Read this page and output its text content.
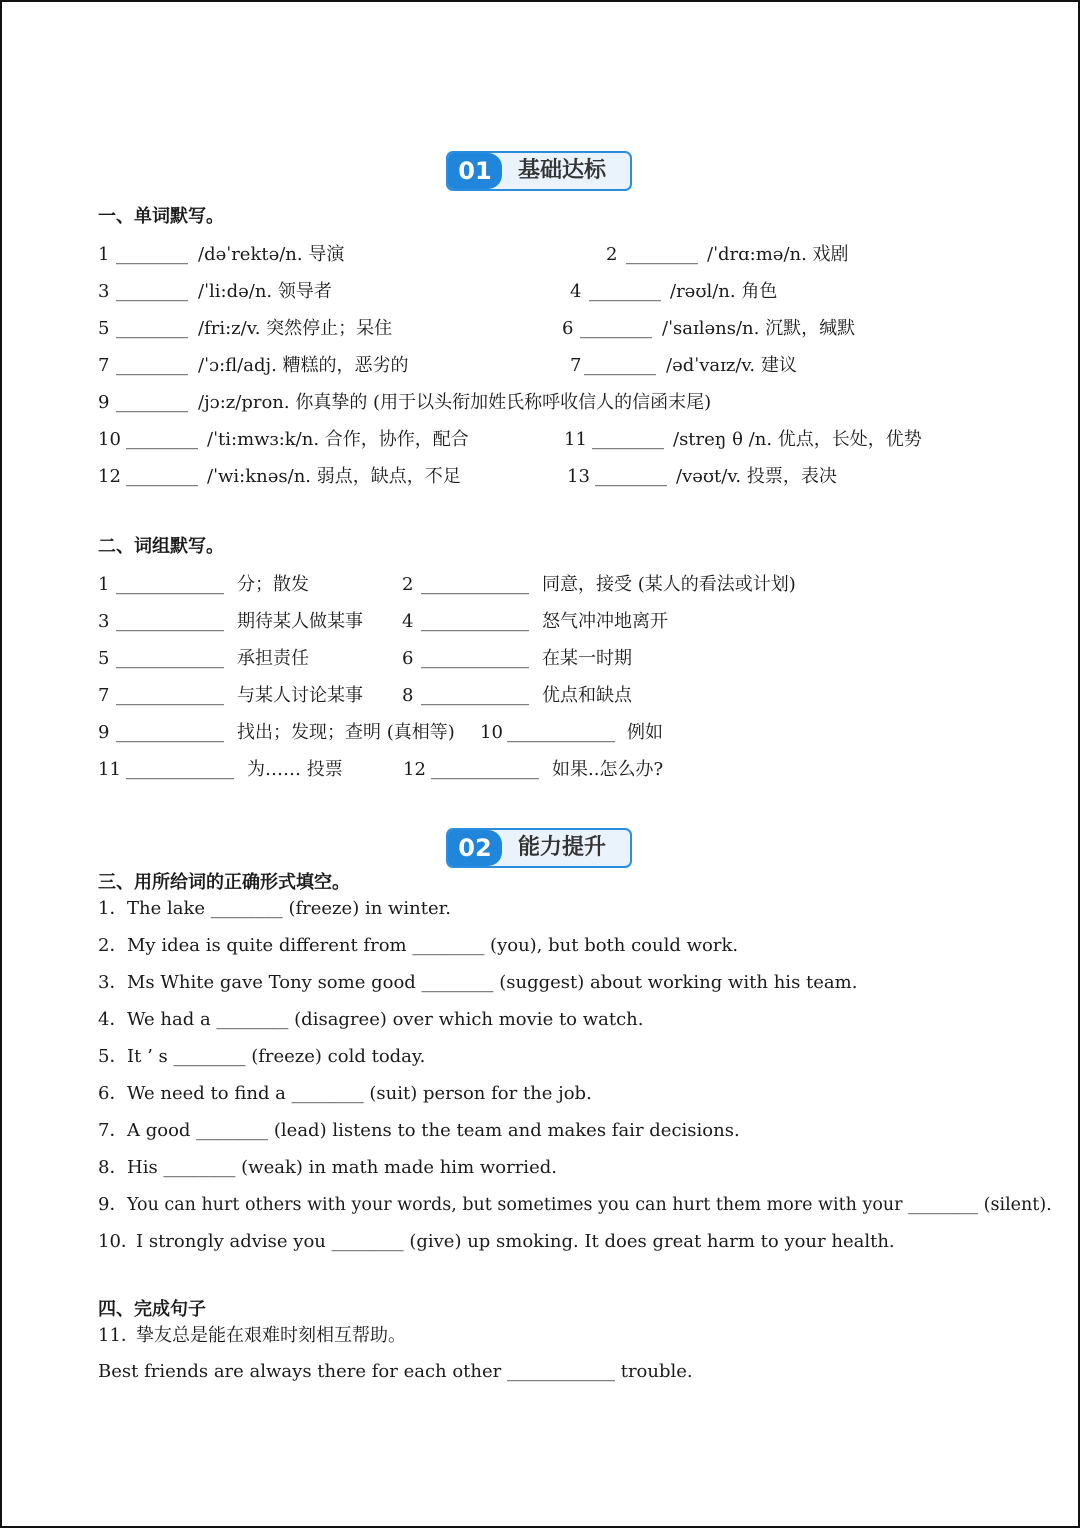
01	基础达标
一、单词默写。
1 ________ /dəˈrektə/n. 导演	2 ________ /ˈdrɑ:mə/n. 戏剧
3 ________ /ˈli:də/n. 领导者	4 ________ /rəʊl/n. 角色
5 ________ /fri:z/v. 突然停止；呆住	6 ________ /ˈsaɪləns/n. 沉默，缄默
7 ________ /ˈɔ:fl/adj. 糟糕的，恶劣的	7 ________ /ədˈvaɪz/v. 建议
9 ________ /jɔ:z/pron. 你真挚的 (用于以头衔加姓氏称呼收信人的信函末尾)
10 ________ /ˈti:mwɜ:k/n. 合作，协作，配合	11 ________ /streŋ θ /n. 优点，长处，优势
12 ________ /ˈwi:knəs/n. 弱点，缺点，不足	13 ________ /vəʊt/v. 投票，表决
二、词组默写。
1 ____________ 分；散发	2 ____________ 同意，接受 (某人的看法或计划)
3 ____________ 期待某人做某事 4 ____________ 怒气冲冲地离开
5 ____________ 承担责任	6 ____________ 在某一时期
7 ____________ 与某人讨论某事 8 ____________ 优点和缺点
9 ____________ 找出；发现；查明 (真相等) 10 ____________ 例如
11 ____________ 为…… 投票	12 ____________ 如果..怎么办?
02	能力提升
三、用所给词的正确形式填空。
1． The lake ________ (freeze) in winter.
2． My idea is quite different from ________ (you), but both could work.
3． Ms White gave Tony some good ________ (suggest) about working with his team.
4． We had a ________ (disagree) over which movie to watch.
5． It ’ s ________ (freeze) cold today.
6． We need to find a ________ (suit) person for the job.
7． A good ________ (lead) listens to the team and makes fair decisions.
8． His ________ (weak) in math made him worried.
9． You can hurt others with your words, but sometimes you can hurt them more with your ________ (silent).
10．
I strongly advise you ________ (give) up smoking. It does great harm to your health.
四、完成句子
11．
挚友总是能在艰难时刻相互帮助。
Best friends are always there for each other ____________ trouble.
